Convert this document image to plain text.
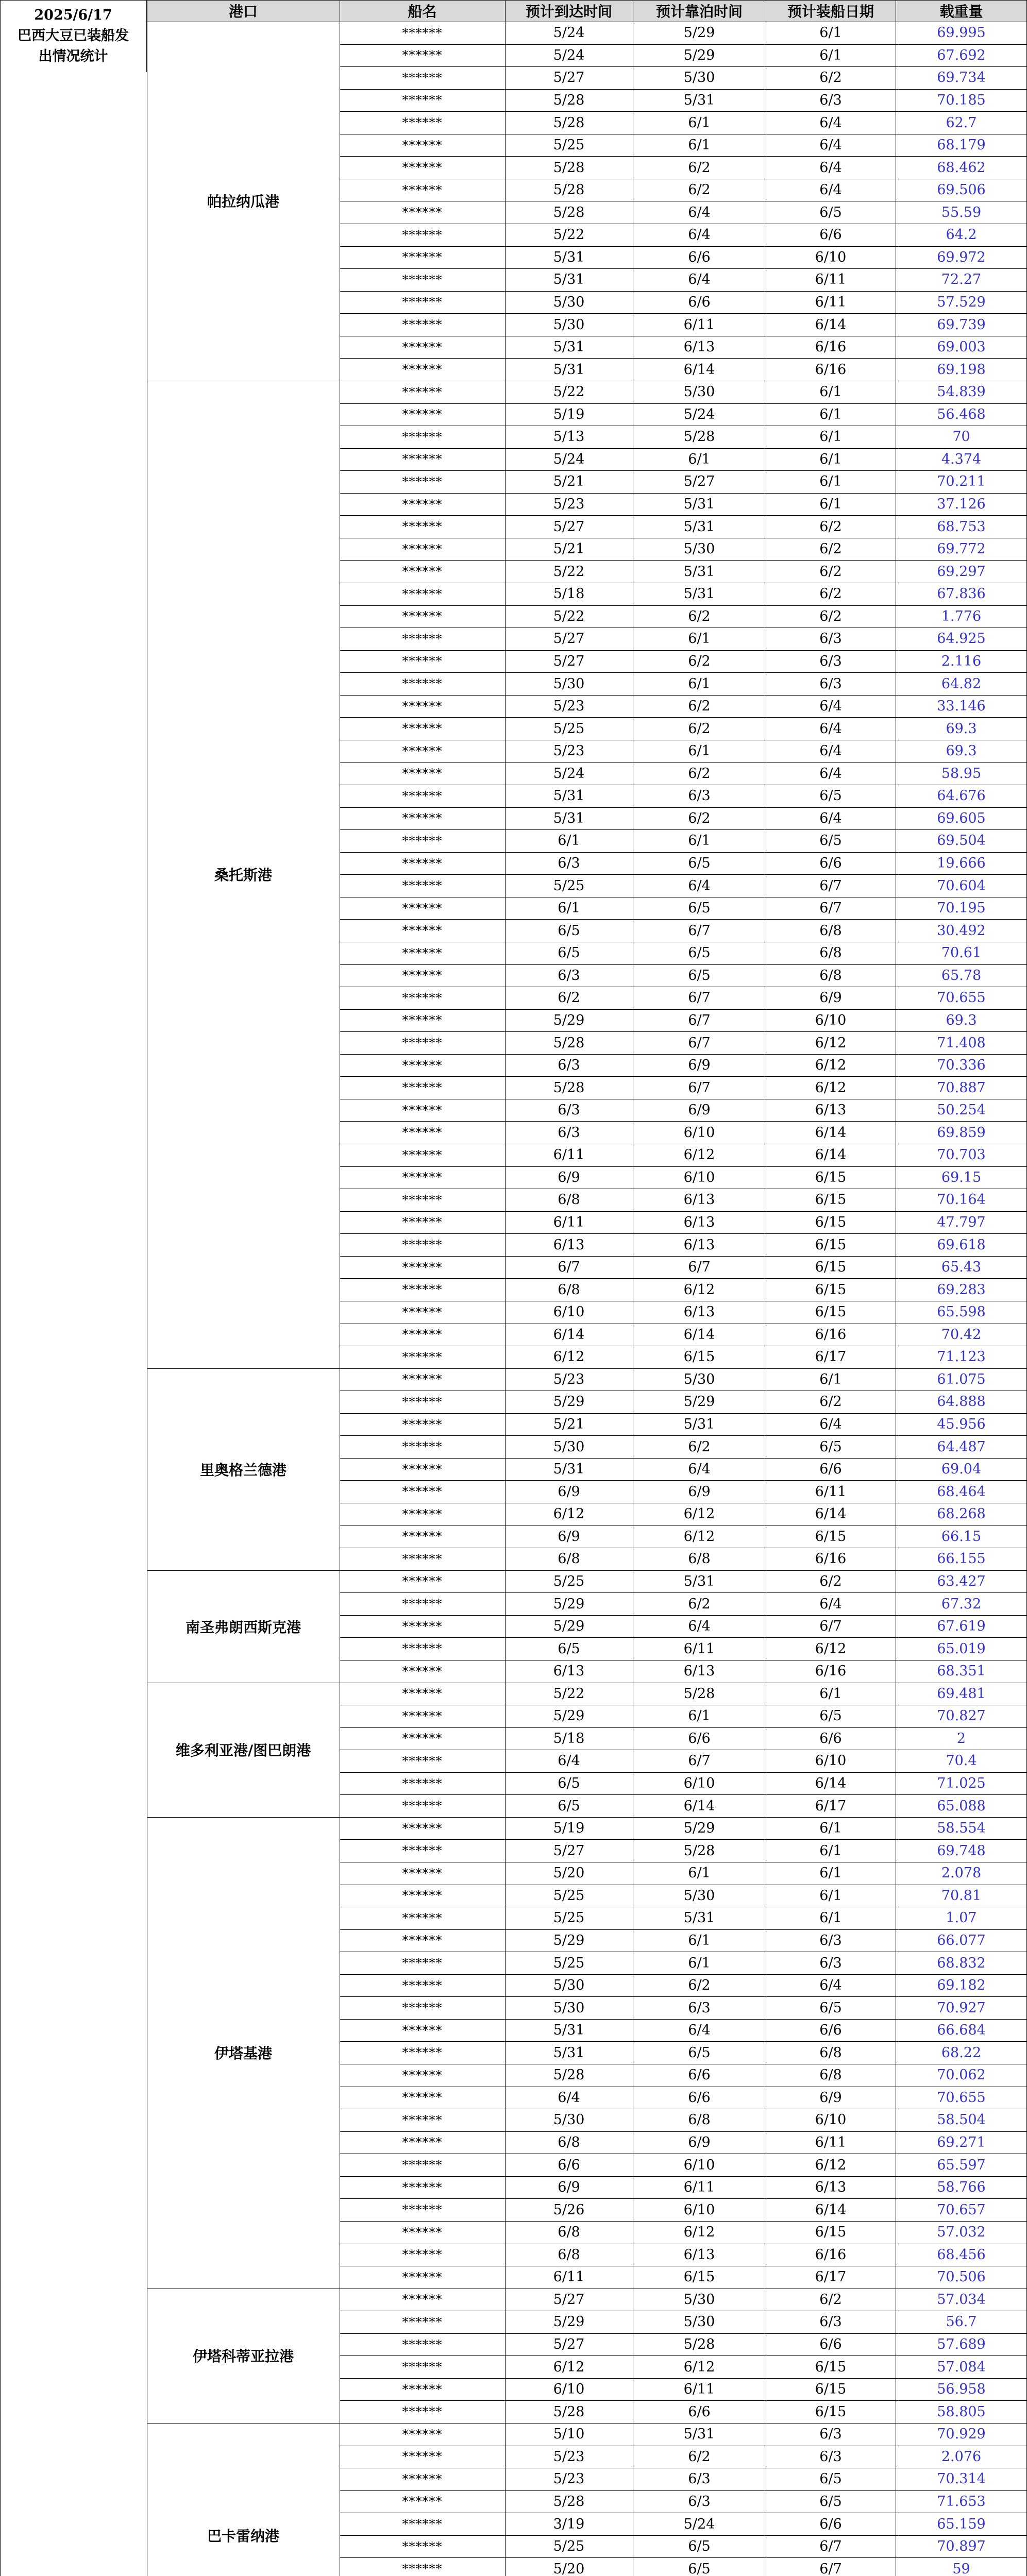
2025/6/17
巴西大豆已装船发
出情况统计
港口	船名	预计到达时间	预计靠泊时间	预计装船日期	载重量
帕拉纳瓜港
******	5/24	5/29	6/1	69.995
******	5/24	5/29	6/1	67.692
******	5/27	5/30	6/2	69.734
******	5/28	5/31	6/3	70.185
******	5/28	6/1	6/4	62.7
******	5/25	6/1	6/4	68.179
******	5/28	6/2	6/4	68.462
******	5/28	6/2	6/4	69.506
******	5/28	6/4	6/5	55.59
******	5/22	6/4	6/6	64.2
******	5/31	6/6	6/10	69.972
******	5/31	6/4	6/11	72.27
******	5/30	6/6	6/11	57.529
******	5/30	6/11	6/14	69.739
******	5/31	6/13	6/16	69.003
******	5/31	6/14	6/16	69.198
桑托斯港
******	5/22	5/30	6/1	54.839
******	5/19	5/24	6/1	56.468
******	5/13	5/28	6/1	70
******	5/24	6/1	6/1	4.374
******	5/21	5/27	6/1	70.211
******	5/23	5/31	6/1	37.126
******	5/27	5/31	6/2	68.753
******	5/21	5/30	6/2	69.772
******	5/22	5/31	6/2	69.297
******	5/18	5/31	6/2	67.836
******	5/22	6/2	6/2	1.776
******	5/27	6/1	6/3	64.925
******	5/27	6/2	6/3	2.116
******	5/30	6/1	6/3	64.82
******	5/23	6/2	6/4	33.146
******	5/25	6/2	6/4	69.3
******	5/23	6/1	6/4	69.3
******	5/24	6/2	6/4	58.95
******	5/31	6/3	6/5	64.676
******	5/31	6/2	6/4	69.605
******	6/1	6/1	6/5	69.504
******	6/3	6/5	6/6	19.666
******	5/25	6/4	6/7	70.604
******	6/1	6/5	6/7	70.195
******	6/5	6/7	6/8	30.492
******	6/5	6/5	6/8	70.61
******	6/3	6/5	6/8	65.78
******	6/2	6/7	6/9	70.655
******	5/29	6/7	6/10	69.3
******	5/28	6/7	6/12	71.408
******	6/3	6/9	6/12	70.336
******	5/28	6/7	6/12	70.887
******	6/3	6/9	6/13	50.254
******	6/3	6/10	6/14	69.859
******	6/11	6/12	6/14	70.703
******	6/9	6/10	6/15	69.15
******	6/8	6/13	6/15	70.164
******	6/11	6/13	6/15	47.797
******	6/13	6/13	6/15	69.618
******	6/7	6/7	6/15	65.43
******	6/8	6/12	6/15	69.283
******	6/10	6/13	6/15	65.598
******	6/14	6/14	6/16	70.42
******	6/12	6/15	6/17	71.123
里奥格兰德港
******	5/23	5/30	6/1	61.075
******	5/29	5/29	6/2	64.888
******	5/21	5/31	6/4	45.956
******	5/30	6/2	6/5	64.487
******	5/31	6/4	6/6	69.04
******	6/9	6/9	6/11	68.464
******	6/12	6/12	6/14	68.268
******	6/9	6/12	6/15	66.15
******	6/8	6/8	6/16	66.155
南圣弗朗西斯克港
******	5/25	5/31	6/2	63.427
******	5/29	6/2	6/4	67.32
******	5/29	6/4	6/7	67.619
******	6/5	6/11	6/12	65.019
******	6/13	6/13	6/16	68.351
维多利亚港/图巴朗港
******	5/22	5/28	6/1	69.481
******	5/29	6/1	6/5	70.827
******	5/18	6/6	6/6	2
******	6/4	6/7	6/10	70.4
******	6/5	6/10	6/14	71.025
******	6/5	6/14	6/17	65.088
伊塔基港
******	5/19	5/29	6/1	58.554
******	5/27	5/28	6/1	69.748
******	5/20	6/1	6/1	2.078
******	5/25	5/30	6/1	70.81
******	5/25	5/31	6/1	1.07
******	5/29	6/1	6/3	66.077
******	5/25	6/1	6/3	68.832
******	5/30	6/2	6/4	69.182
******	5/30	6/3	6/5	70.927
******	5/31	6/4	6/6	66.684
******	5/31	6/5	6/8	68.22
******	5/28	6/6	6/8	70.062
******	6/4	6/6	6/9	70.655
******	5/30	6/8	6/10	58.504
******	6/8	6/9	6/11	69.271
******	6/6	6/10	6/12	65.597
******	6/9	6/11	6/13	58.766
******	5/26	6/10	6/14	70.657
******	6/8	6/12	6/15	57.032
******	6/8	6/13	6/16	68.456
******	6/11	6/15	6/17	70.506
伊塔科蒂亚拉港
******	5/27	5/30	6/2	57.034
******	5/29	5/30	6/3	56.7
******	5/27	5/28	6/6	57.689
******	6/12	6/12	6/15	57.084
******	6/10	6/11	6/15	56.958
******	5/28	6/6	6/15	58.805
巴卡雷纳港
******	5/10	5/31	6/3	70.929
******	5/23	6/2	6/3	2.076
******	5/23	6/3	6/5	70.314
******	5/28	6/3	6/5	71.653
******	3/19	5/24	6/6	65.159
******	5/25	6/5	6/7	70.897
******	5/20	6/5	6/7	59
